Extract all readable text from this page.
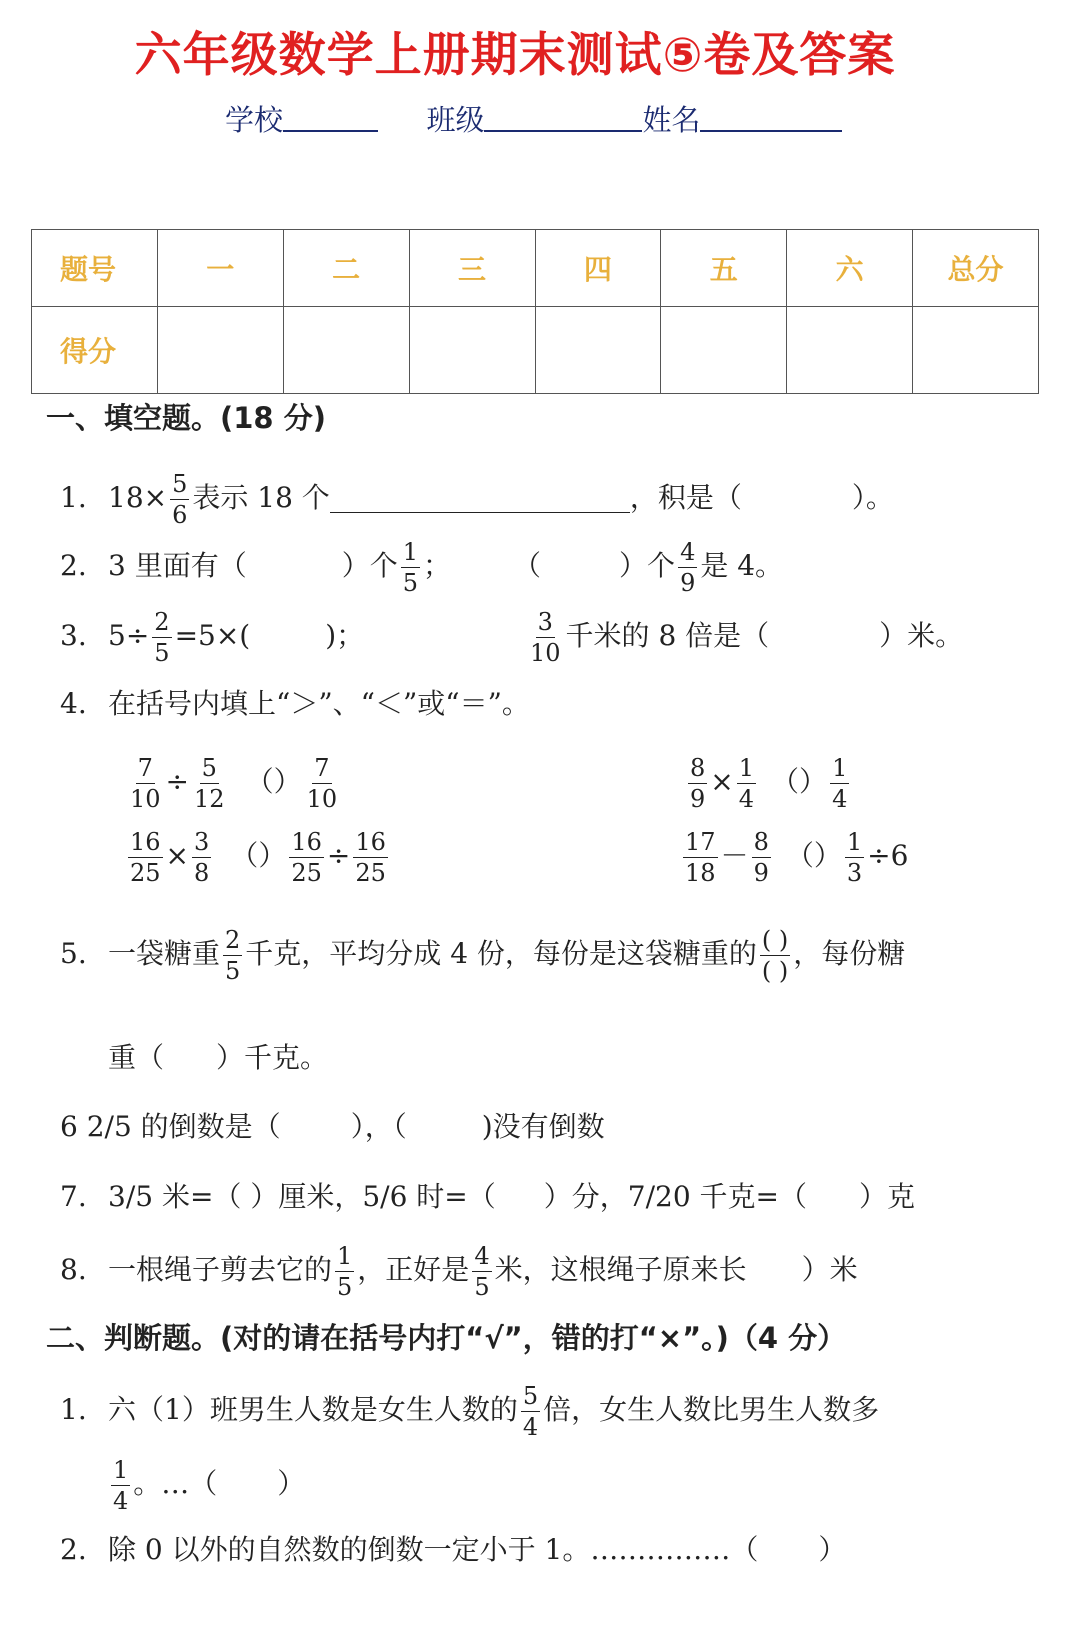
六年级数学上册期末测试⑤卷及答案
学校	班级	姓名
题号	一	二	三	四	五	六	总分
得分							
一、填空题。(18 分)
1. $18\times \frac{5}{6}$ 表示 18 个	，积是（	）。
2. 3 里面有（	）个 $\frac{1}{5}$ ； （	）个 $\frac{4}{9}$ 是 4。
3. $5\div \frac{2}{5} =5\times$(	)；	$\frac{3}{10}$ 千米的 8 倍是（	）米。
4. 在括号内填上“＞”、“＜”或“＝”。
$\frac{7}{10} \div \frac{5}{12}$ （） $\frac{7}{10}$	$\frac{8}{9} \times \frac{1}{4}$ （） $\frac{1}{4}$
$\frac{16}{25} \times \frac{3}{8}$ （） $\frac{16}{25} \div \frac{16}{25}$	$\frac{17}{18} - \frac{8}{9}$ （） $\frac{1}{3} \div 6$
5. 一袋糖重 $\frac{2}{5}$ 千克，平均分成 4 份，每份是这袋糖重的 $\frac{( )}{( )}$ ，每份糖
重（ ）千克。
6 2/5 的倒数是（	），（	)没有倒数
7. 3/5 米=（ ）厘米，5/6 时=（ ）分，7/20 千克=（ ）克
8. 一根绳子剪去它的 $\frac{1}{5}$ ，正好是 $\frac{4}{5}$ 米，这根绳子原来长 ）米
二、判断题。(对的请在括号内打“√”，错的打“×”。)（4 分）
1. 六（1）班男生人数是女生人数的 $\frac{5}{4}$ 倍，女生人数比男生人数多
$\frac{1}{4}$ 。…（ ）
2. 除 0 以外的自然数的倒数一定小于 1。……………（ ）
